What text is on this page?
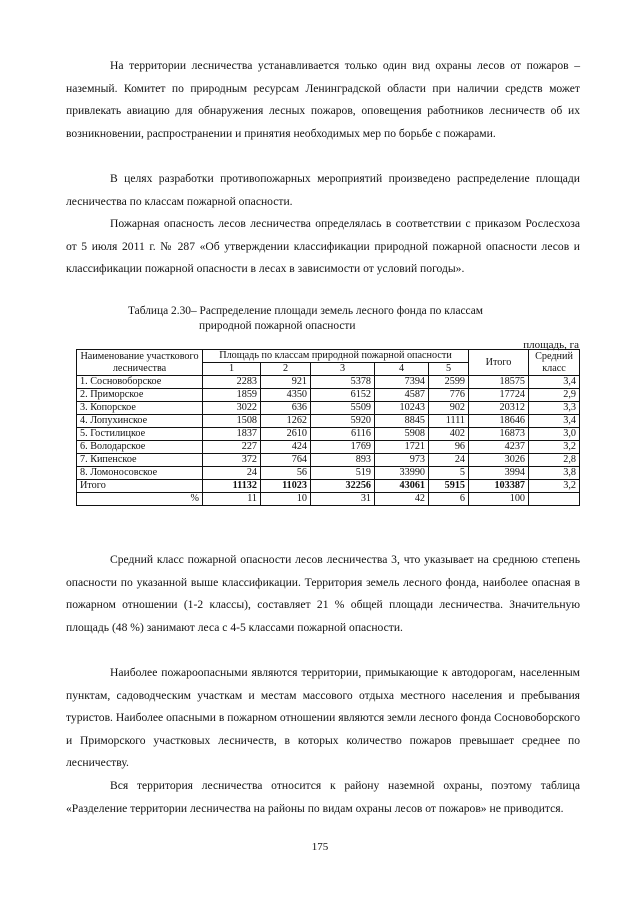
На территории лесничества устанавливается только один вид охраны лесов от пожаров – наземный. Комитет по природным ресурсам Ленинградской области при наличии средств может привлекать авиацию для обнаружения лесных пожаров, оповещения работников лесничеств об их возникновении, распространении и принятия необходимых мер по борьбе с пожарами.

В целях разработки противопожарных мероприятий произведено распределение площади лесничества по классам пожарной опасности.

Пожарная опасность лесов лесничества определялась в соответствии с приказом Рослесхоза от 5 июля 2011 г. № 287 «Об утверждении классификации природной пожарной опасности лесов и классификации пожарной опасности в лесах в зависимости от условий погоды».

Таблица 2.30– Распределение площади земель лесного фонда по классам
природной пожарной опасности

площадь, га

Наименование участкового лесничества	Площадь по классам природной пожарной опасности					Итого	Средний класс

	1	2	3	4	5		
1. Сосновоборское	2283	921	5378	7394	2599	18575	3,4
2. Приморское	1859	4350	6152	4587	776	17724	2,9
3. Копорское	3022	636	5509	10243	902	20312	3,3
4. Лопухинское	1508	1262	5920	8845	1111	18646	3,4
5. Гостилицкое	1837	2610	6116	5908	402	16873	3,0
6. Володарское	227	424	1769	1721	96	4237	3,2
7. Кипенское	372	764	893	973	24	3026	2,8
8. Ломоносовское	24	56	519	33990	5	3994	3,8
Итого	11132	11023	32256	43061	5915	103387	3,2
%	11	10	31	42	6	100	

Средний класс пожарной опасности лесов лесничества 3, что указывает на среднюю степень опасности по указанной выше классификации. Территория земель лесного фонда, наиболее опасная в пожарном отношении (1-2 классы), составляет 21 % общей площади лесничества. Значительную площадь (48 %) занимают леса с 4-5 классами пожарной опасности.

Наиболее пожароопасными являются территории, примыкающие к автодорогам, населенным пунктам, садоводческим участкам и местам массового отдыха местного населения и пребывания туристов. Наиболее опасными в пожарном отношении являются земли лесного фонда Сосновоборского и Приморского участковых лесничеств, в которых количество пожаров превышает среднее по лесничеству.

Вся территория лесничества относится к району наземной охраны, поэтому таблица «Разделение территории лесничества на районы по видам охраны лесов от пожаров» не приводится.

175
